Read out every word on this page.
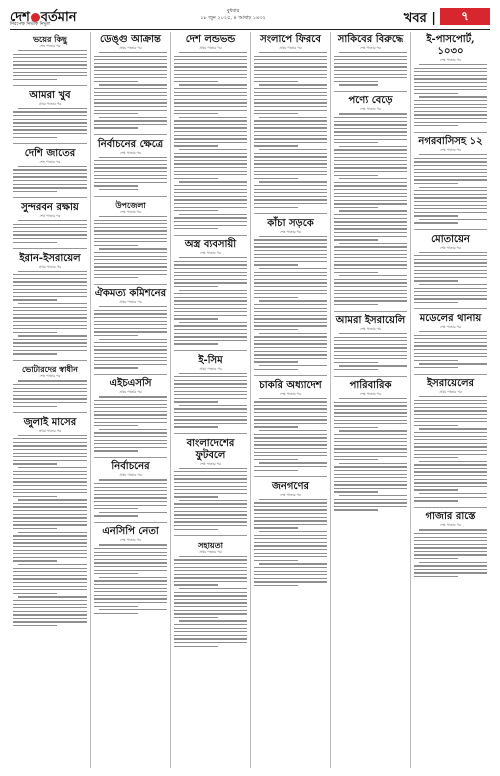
দেশ বর্তমান
নিরপেক্ষ নির্ভীক নির্ভুল
বুধবার
১৮ জুন ২০২৫, ৪ আষাঢ় ১৪৩২	খবর |	৭
ভয়ের কিছু
শেষ পাতার পর
আমরা খুব
প্রথম পাতার পর
দেশি জাতের
শেষ পাতার পর
সুন্দরবন রক্ষায়
শেষ পাতার পর
ইরান-ইসরায়েল
প্রথম পাতার পর
ভোটারদের স্বাধীন
শেষ পাতার পর
জুলাই মাসের
প্রথম পাতার পর
ডেঙ্গু আক্রান্ত
প্রথম পাতার পর
নির্বাচনের ক্ষেত্রে
শেষ পাতার পর
উপজেলা
শেষ পাতার পর
ঐকমত্য কমিশনের
প্রথম পাতার পর
এইচএসসি
প্রথম পাতার পর
নির্বাচনের
প্রথম পাতার পর
এনসিপি নেতা
শেষ পাতার পর
দেশ লন্ডভন্ড
প্রথম পাতার পর
অস্ত্র ব্যবসায়ী
শেষ পাতার পর
ই-সিম
প্রথম পাতার পর
বাংলাদেশের ফুটবলে
শেষ পাতার পর
সহায়তা
প্রথম পাতার পর
সংলাপে ফিরবে
প্রথম পাতার পর
কাঁচা সড়কে
শেষ পাতার পর
চাকরি অধ্যাদেশ
শেষ পাতার পর
জনগণের
শেষ পাতার পর
সাকিবের বিরুদ্ধে
শেষ পাতার পর
পণ্যে বেড়ে
শেষ পাতার পর
আমরা ইসরায়েলি
শেষ পাতার পর
পারিবারিক
শেষ পাতার পর
ই-পাসপোর্ট, ১০৩০
শেষ পাতার পর
নগরবাসিসহ ১২
শেষ পাতার পর
মোতায়েন
শেষ পাতার পর
মডেলের থানায়
শেষ পাতার পর
ইসরায়েলের
প্রথম পাতার পর
গাজার রাস্তে
শেষ পাতার পর
